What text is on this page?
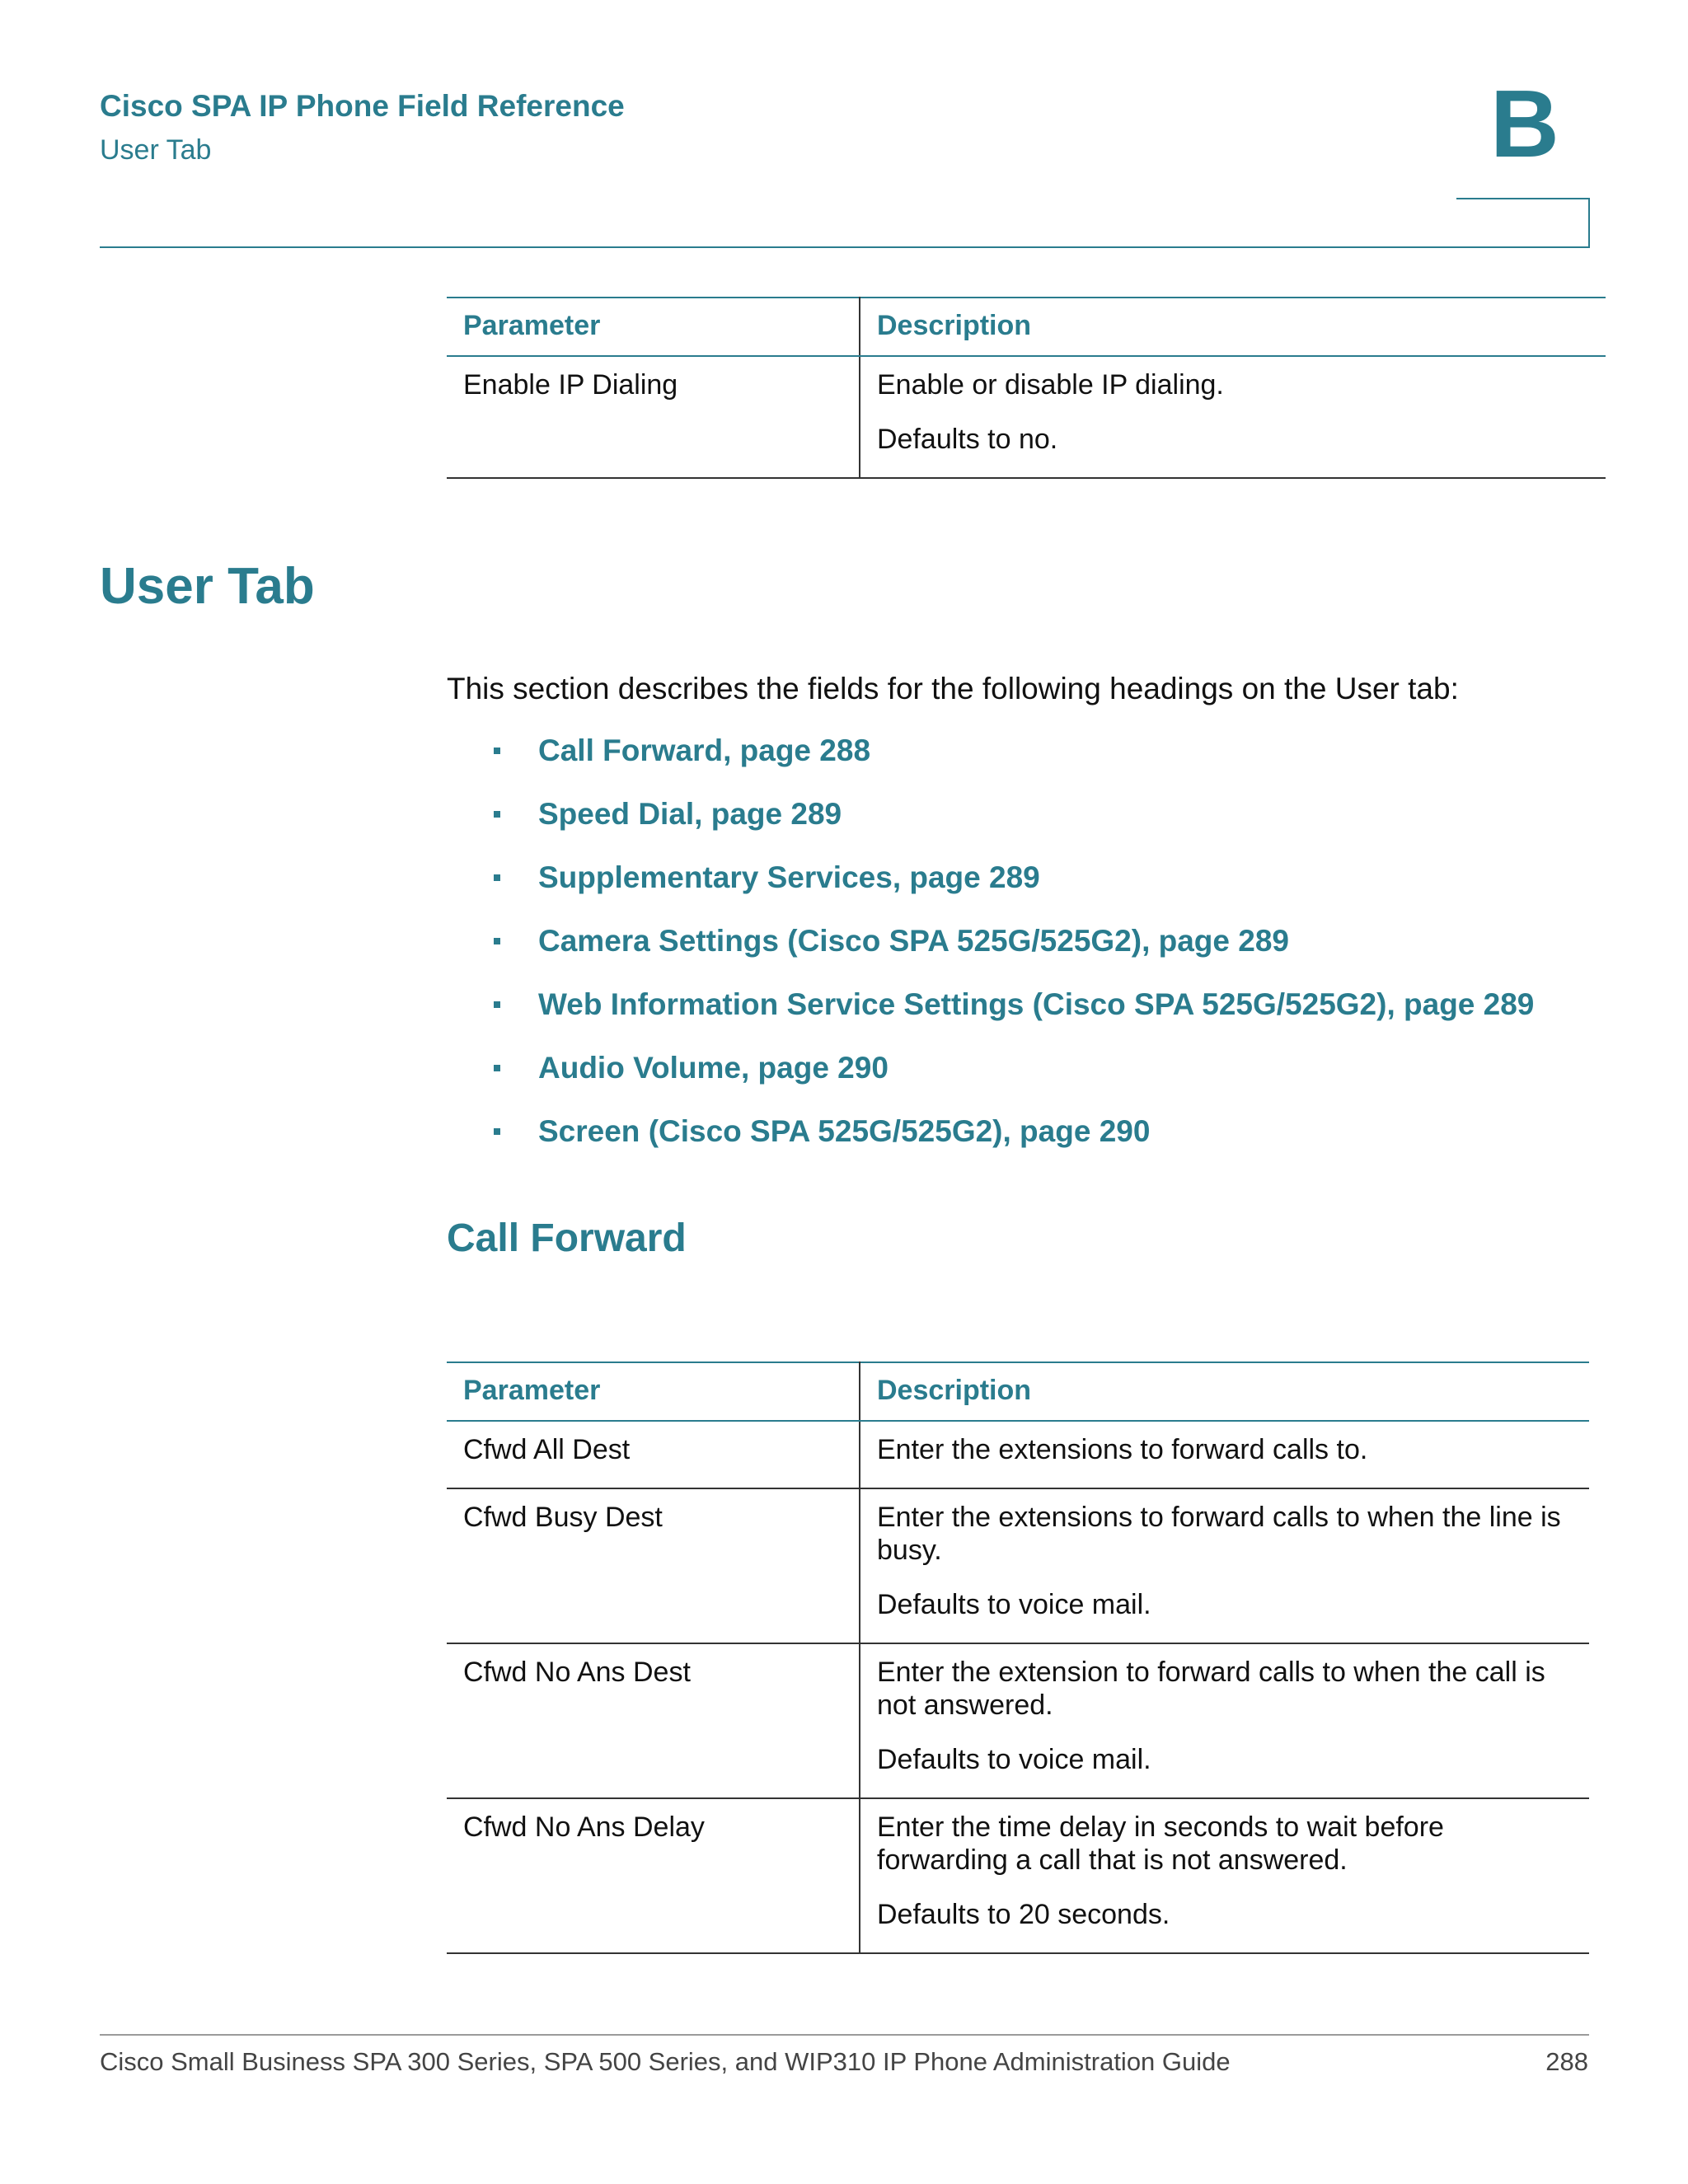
Cisco SPA IP Phone Field Reference
User Tab	B
Parameter	Description
Enable IP Dialing	Enable or disable IP dialing.

Defaults to no.

User Tab

This section describes the fields for the following headings on the User tab:

Call Forward, page 288
Speed Dial, page 289
Supplementary Services, page 289
Camera Settings (Cisco SPA 525G/525G2), page 289
Web Information Service Settings (Cisco SPA 525G/525G2), page 289
Audio Volume, page 290
Screen (Cisco SPA 525G/525G2), page 290
Call Forward
Parameter	Description
Cfwd All Dest	Enter the extensions to forward calls to.

Cfwd Busy Dest	Enter the extensions to forward calls to when the line is busy.

Defaults to voice mail.

Cfwd No Ans Dest	Enter the extension to forward calls to when the call is not answered.

Defaults to voice mail.

Cfwd No Ans Delay	Enter the time delay in seconds to wait before forwarding a call that is not answered.

Defaults to 20 seconds.

Cisco Small Business SPA 300 Series, SPA 500 Series, and WIP310 IP Phone Administration Guide	288
